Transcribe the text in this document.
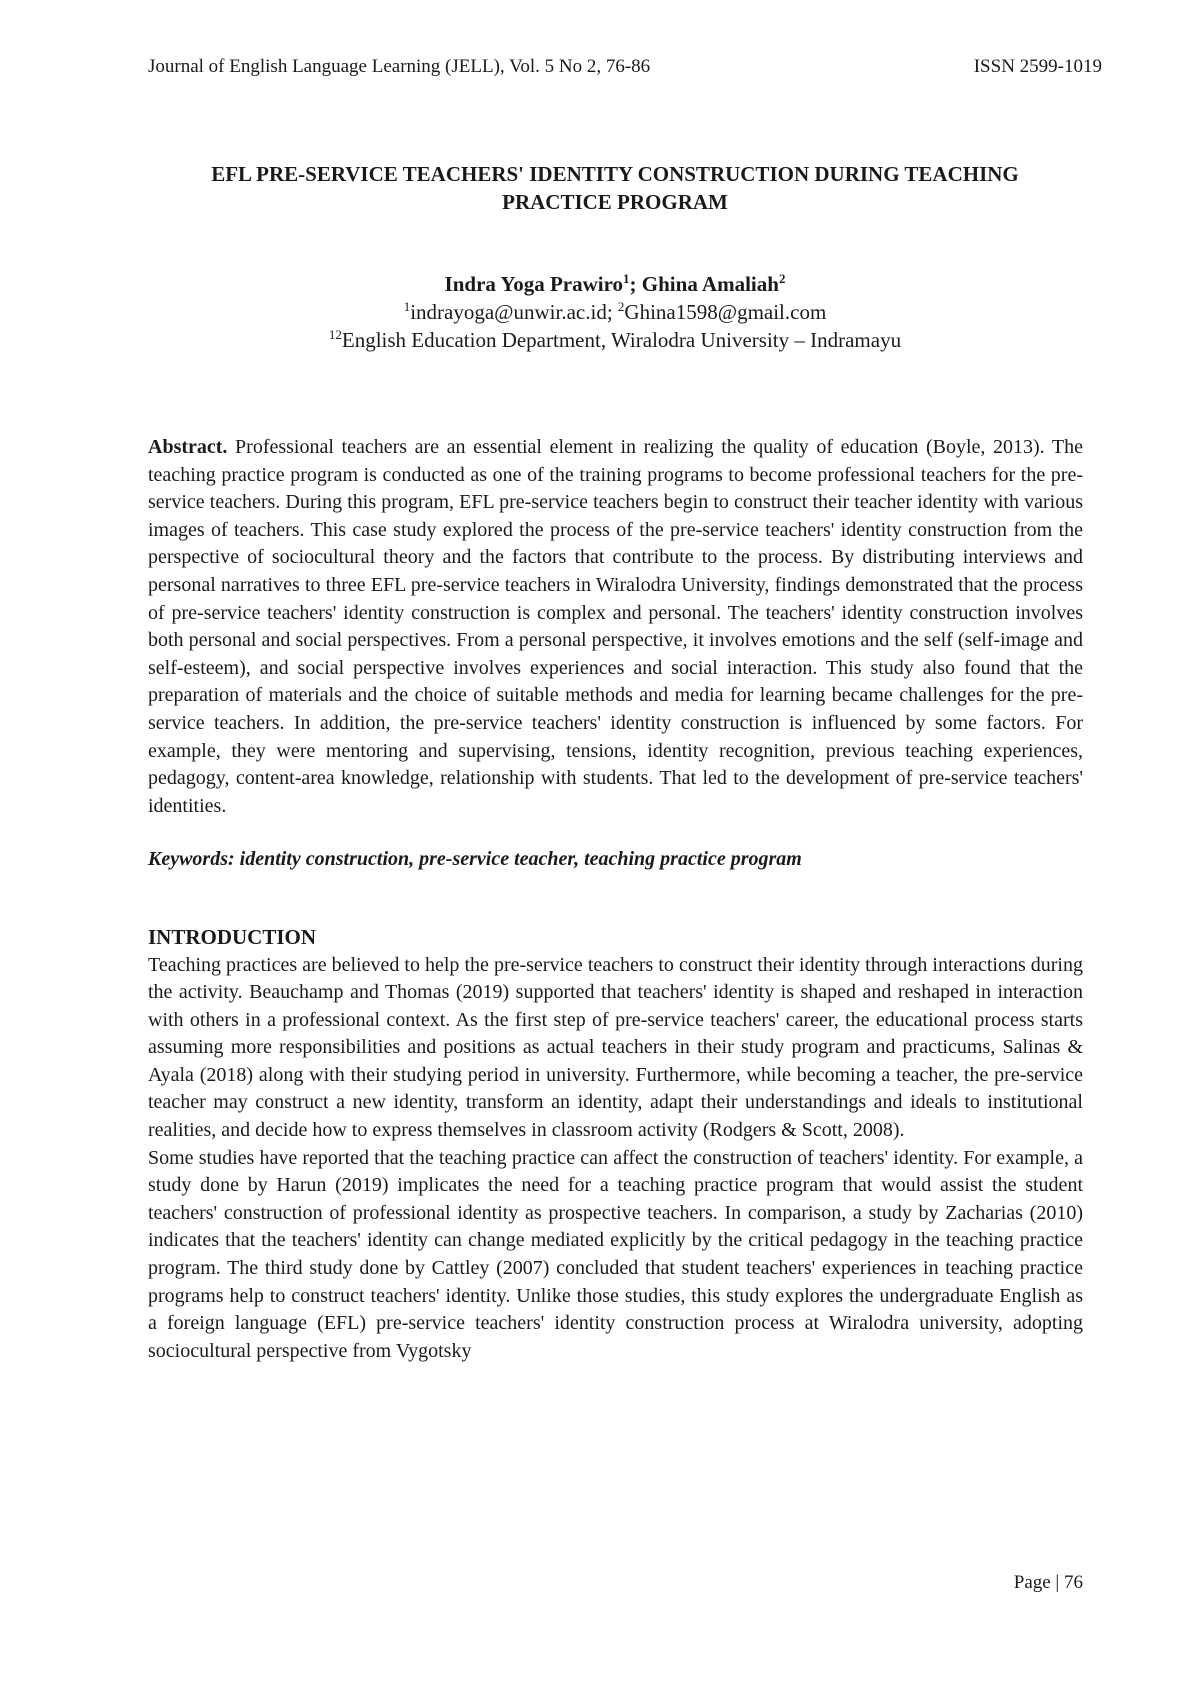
Journal of English Language Learning (JELL), Vol. 5 No 2, 76-86	ISSN 2599-1019
EFL PRE-SERVICE TEACHERS' IDENTITY CONSTRUCTION DURING TEACHING
PRACTICE PROGRAM
Indra Yoga Prawiro$^1$; Ghina Amaliah$^2$
$^1$indrayoga@unwir.ac.id; $^2$Ghina1598@gmail.com
$^{12}$English Education Department, Wiralodra University – Indramayu

Abstract. Professional teachers are an essential element in realizing the quality of education (Boyle, 2013). The teaching practice program is conducted as one of the training programs to become professional teachers for the pre-service teachers. During this program, EFL pre-service teachers begin to construct their teacher identity with various images of teachers. This case study explored the process of the pre-service teachers' identity construction from the perspective of sociocultural theory and the factors that contribute to the process. By distributing interviews and personal narratives to three EFL pre-service teachers in Wiralodra University, findings demonstrated that the process of pre-service teachers' identity construction is complex and personal. The teachers' identity construction involves both personal and social perspectives. From a personal perspective, it involves emotions and the self (self-image and self-esteem), and social perspective involves experiences and social interaction. This study also found that the preparation of materials and the choice of suitable methods and media for learning became challenges for the pre-service teachers. In addition, the pre-service teachers' identity construction is influenced by some factors. For example, they were mentoring and supervising, tensions, identity recognition, previous teaching experiences, pedagogy, content-area knowledge, relationship with students. That led to the development of pre-service teachers' identities.

Keywords: identity construction, pre-service teacher, teaching practice program

INTRODUCTION

Teaching practices are believed to help the pre-service teachers to construct their identity through interactions during the activity. Beauchamp and Thomas (2019) supported that teachers' identity is shaped and reshaped in interaction with others in a professional context. As the first step of pre-service teachers' career, the educational process starts assuming more responsibilities and positions as actual teachers in their study program and practicums, Salinas & Ayala (2018) along with their studying period in university. Furthermore, while becoming a teacher, the pre-service teacher may construct a new identity, transform an identity, adapt their understandings and ideals to institutional realities, and decide how to express themselves in classroom activity (Rodgers & Scott, 2008).

Some studies have reported that the teaching practice can affect the construction of teachers' identity. For example, a study done by Harun (2019) implicates the need for a teaching practice program that would assist the student teachers' construction of professional identity as prospective teachers. In comparison, a study by Zacharias (2010) indicates that the teachers' identity can change mediated explicitly by the critical pedagogy in the teaching practice program. The third study done by Cattley (2007) concluded that student teachers' experiences in teaching practice programs help to construct teachers' identity. Unlike those studies, this study explores the undergraduate English as a foreign language (EFL) pre-service teachers' identity construction process at Wiralodra university, adopting sociocultural perspective from Vygotsky

Page | 76
